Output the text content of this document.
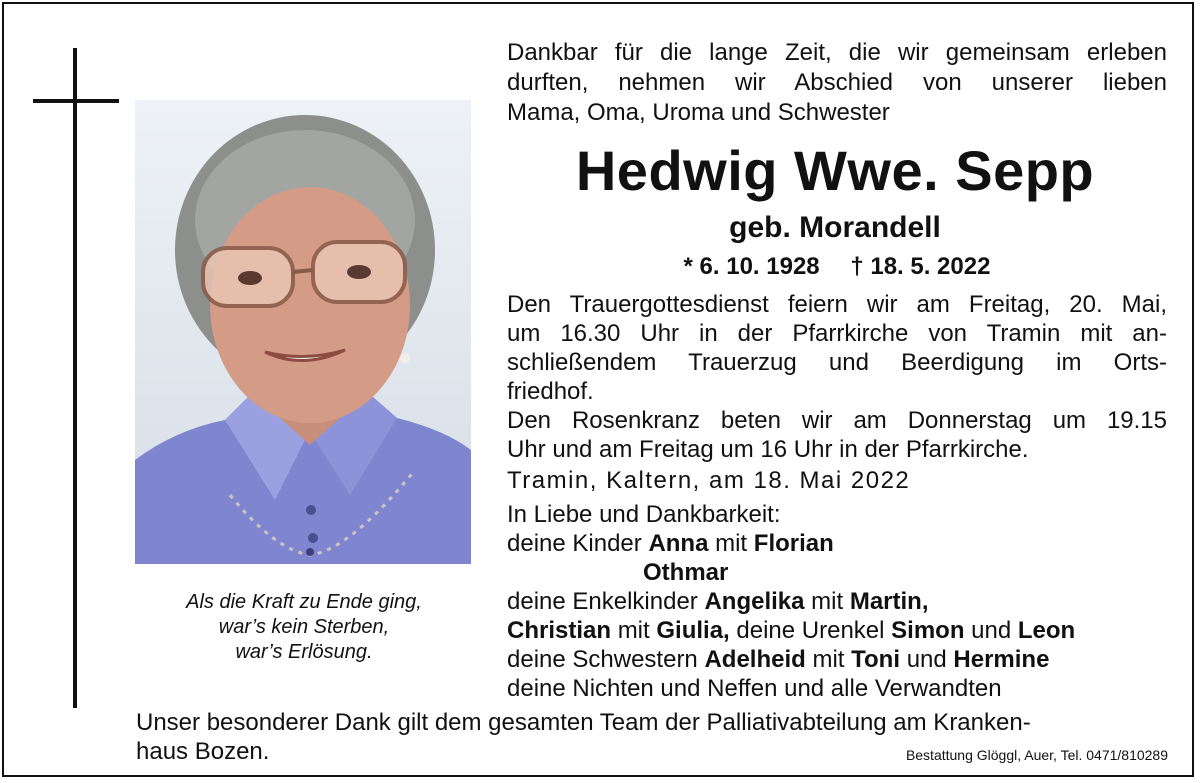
Als die Kraft zu Ende ging,
war’s kein Sterben,
war’s Erlösung.
Dankbar für die lange Zeit, die wir gemeinsam erleben
durften, nehmen wir Abschied von unserer lieben
Mama, Oma, Uroma und Schwester
Hedwig Wwe. Sepp
geb. Morandell
* 6. 10. 1928 † 18. 5. 2022
Den Trauergottesdienst feiern wir am Freitag, 20. Mai,
um 16.30 Uhr in der Pfarrkirche von Tramin mit an-
schließendem Trauerzug und Beerdigung im Orts-
friedhof.
Den Rosenkranz beten wir am Donnerstag um 19.15
Uhr und am Freitag um 16 Uhr in der Pfarrkirche.
Tramin, Kaltern, am 18. Mai 2022
In Liebe und Dankbarkeit:
deine Kinder Anna mit Florian
Othmar
deine Enkelkinder Angelika mit Martin,
Christian mit Giulia, deine Urenkel Simon und Leon
deine Schwestern Adelheid mit Toni und Hermine
deine Nichten und Neffen und alle Verwandten
Unser besonderer Dank gilt dem gesamten Team der Palliativabteilung am Kranken-
haus Bozen.	Bestattung Glöggl, Auer, Tel. 0471/810289
